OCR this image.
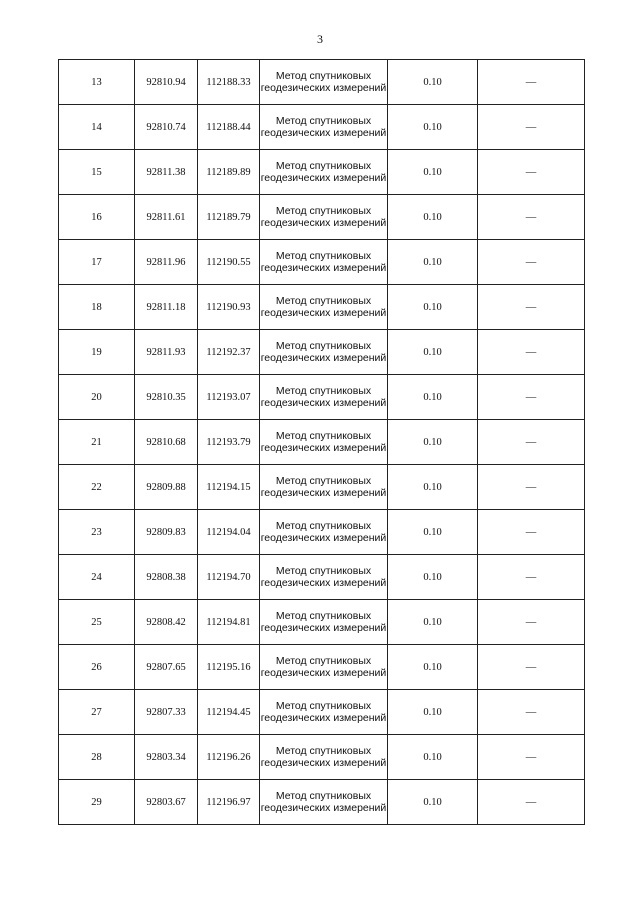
3
13	92810.94	112188.33	Метод спутниковых
геодезических измерений	0.10	—
14	92810.74	112188.44	Метод спутниковых
геодезических измерений	0.10	—
15	92811.38	112189.89	Метод спутниковых
геодезических измерений	0.10	—
16	92811.61	112189.79	Метод спутниковых
геодезических измерений	0.10	—
17	92811.96	112190.55	Метод спутниковых
геодезических измерений	0.10	—
18	92811.18	112190.93	Метод спутниковых
геодезических измерений	0.10	—
19	92811.93	112192.37	Метод спутниковых
геодезических измерений	0.10	—
20	92810.35	112193.07	Метод спутниковых
геодезических измерений	0.10	—
21	92810.68	112193.79	Метод спутниковых
геодезических измерений	0.10	—
22	92809.88	112194.15	Метод спутниковых
геодезических измерений	0.10	—
23	92809.83	112194.04	Метод спутниковых
геодезических измерений	0.10	—
24	92808.38	112194.70	Метод спутниковых
геодезических измерений	0.10	—
25	92808.42	112194.81	Метод спутниковых
геодезических измерений	0.10	—
26	92807.65	112195.16	Метод спутниковых
геодезических измерений	0.10	—
27	92807.33	112194.45	Метод спутниковых
геодезических измерений	0.10	—
28	92803.34	112196.26	Метод спутниковых
геодезических измерений	0.10	—
29	92803.67	112196.97	Метод спутниковых
геодезических измерений	0.10	—
